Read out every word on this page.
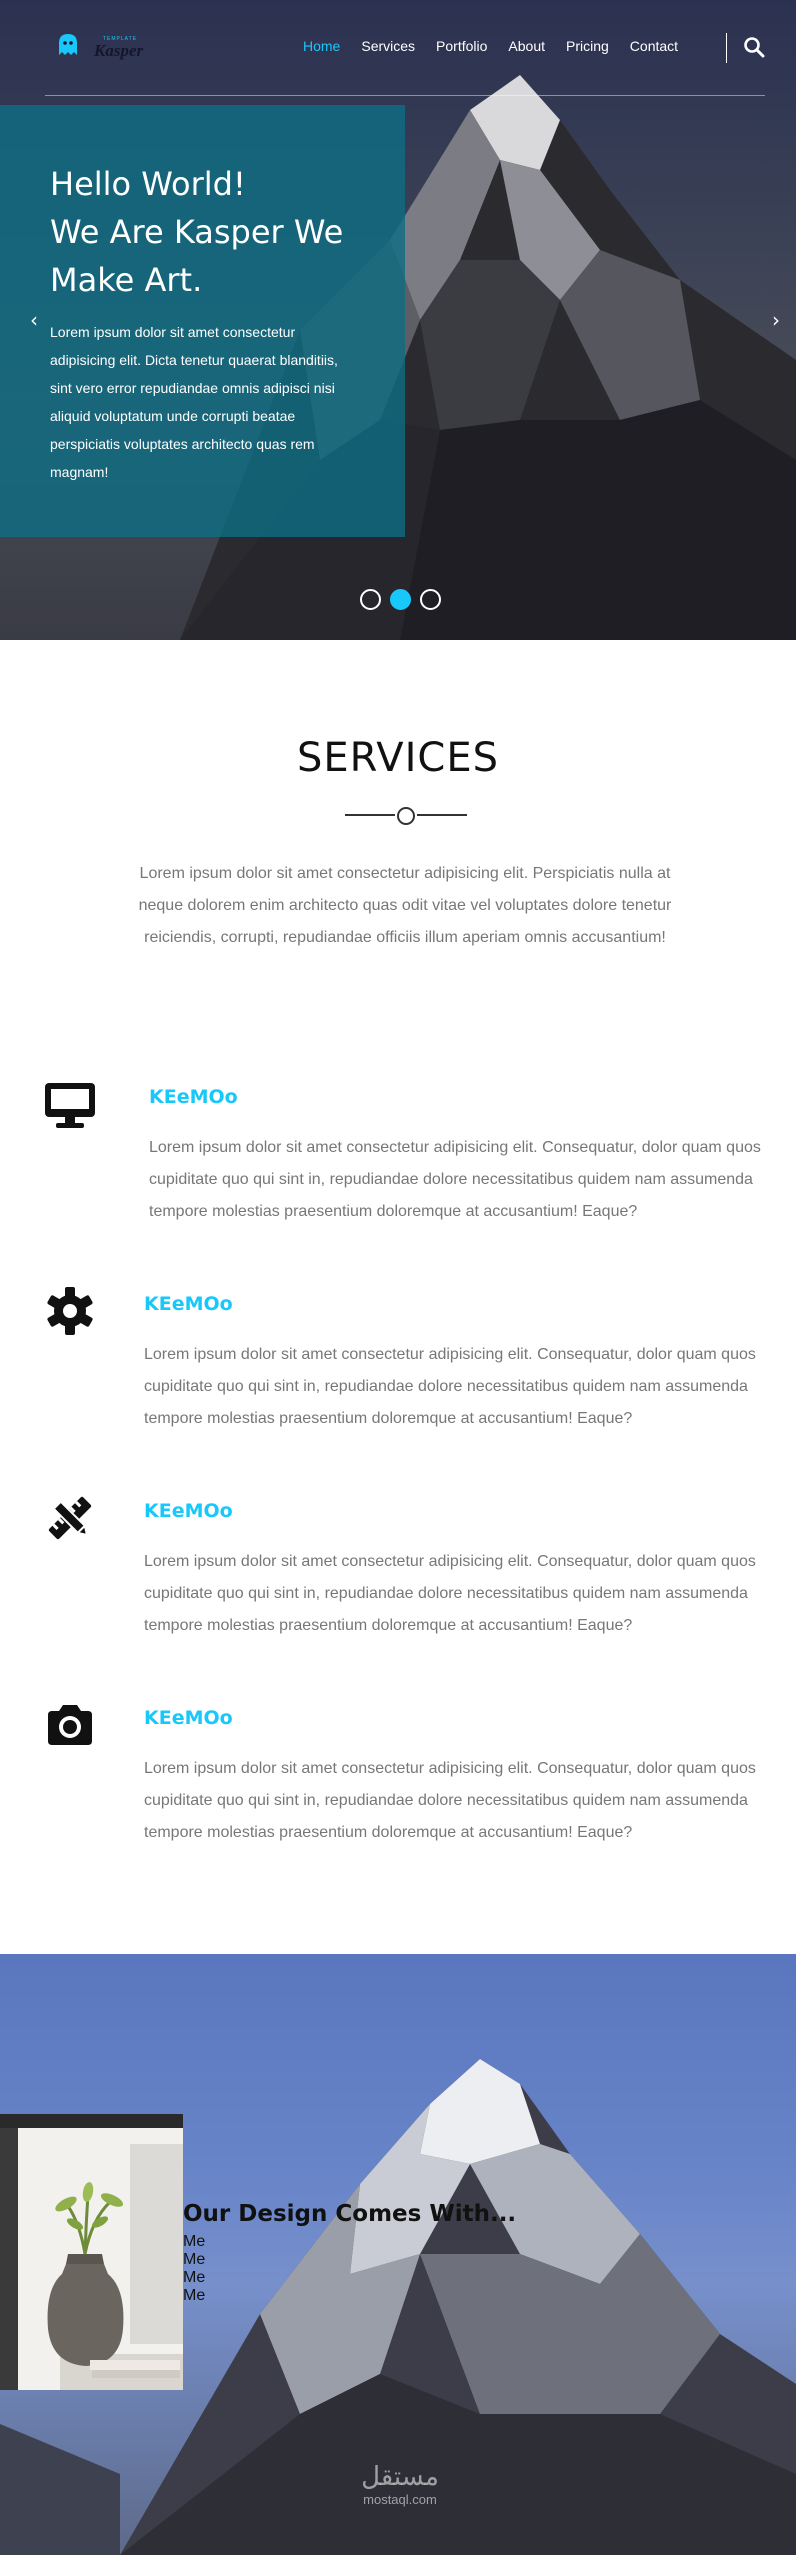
TEMPLATE
Kasper	Home Services Portfolio About Pricing Contact
Hello World!
We Are Kasper We
Make Art.

Lorem ipsum dolor sit amet consectetur adipisicing elit. Dicta tenetur quaerat blanditiis, sint vero error repudiandae omnis adipisci nisi aliquid voluptatum unde corrupti beatae perspiciatis voluptates architecto quas rem magnam!

‹	›
SERVICES

Lorem ipsum dolor sit amet consectetur adipisicing elit. Perspiciatis nulla at neque dolorem enim architecto quas odit vitae vel voluptates dolore tenetur reiciendis, corrupti, repudiandae officiis illum aperiam omnis accusantium!

KEeMOo
Lorem ipsum dolor sit amet consectetur adipisicing elit. Consequatur, dolor quam quos cupiditate quo qui sint in, repudiandae dolore necessitatibus quidem nam assumenda tempore molestias praesentium doloremque at accusantium! Eaque?
KEeMOo
Lorem ipsum dolor sit amet consectetur adipisicing elit. Consequatur, dolor quam quos cupiditate quo qui sint in, repudiandae dolore necessitatibus quidem nam assumenda tempore molestias praesentium doloremque at accusantium! Eaque?
KEeMOo
Lorem ipsum dolor sit amet consectetur adipisicing elit. Consequatur, dolor quam quos cupiditate quo qui sint in, repudiandae dolore necessitatibus quidem nam assumenda tempore molestias praesentium doloremque at accusantium! Eaque?
KEeMOo
Lorem ipsum dolor sit amet consectetur adipisicing elit. Consequatur, dolor quam quos cupiditate quo qui sint in, repudiandae dolore necessitatibus quidem nam assumenda tempore molestias praesentium doloremque at accusantium! Eaque?
Our Design Comes With...
Me
Me
Me
Me
مستقل
mostaql.com
